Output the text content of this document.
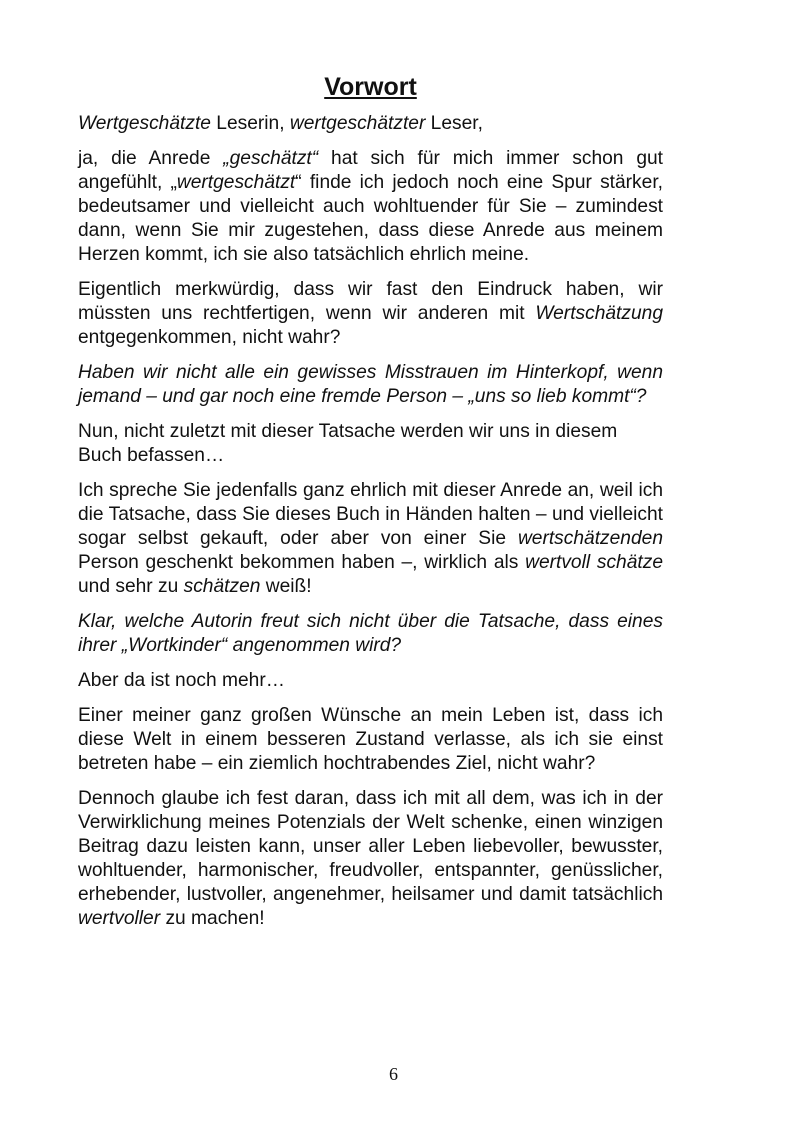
Vorwort

Wertgeschätzte Leserin, wertgeschätzter Leser,

ja, die Anrede „geschätzt“ hat sich für mich immer schon gut angefühlt, „wertgeschätzt“ finde ich jedoch noch eine Spur stärker, bedeutsamer und vielleicht auch wohltuender für Sie – zumindest dann, wenn Sie mir zugestehen, dass diese Anrede aus meinem Herzen kommt, ich sie also tatsächlich ehrlich meine.

Eigentlich merkwürdig, dass wir fast den Eindruck haben, wir müssten uns rechtfertigen, wenn wir anderen mit Wertschätzung entgegenkommen, nicht wahr?

Haben wir nicht alle ein gewisses Misstrauen im Hinterkopf, wenn jemand – und gar noch eine fremde Person – „uns so lieb kommt“?

Nun, nicht zuletzt mit dieser Tatsache werden wir uns in diesem Buch befassen…

Ich spreche Sie jedenfalls ganz ehrlich mit dieser Anrede an, weil ich die Tatsache, dass Sie dieses Buch in Händen halten – und vielleicht sogar selbst gekauft, oder aber von einer Sie wertschätzenden Person geschenkt bekommen haben –, wirklich als wertvoll schätze und sehr zu schätzen weiß!

Klar, welche Autorin freut sich nicht über die Tatsache, dass eines ihrer „Wortkinder“ angenommen wird?

Aber da ist noch mehr…

Einer meiner ganz großen Wünsche an mein Leben ist, dass ich diese Welt in einem besseren Zustand verlasse, als ich sie einst betreten habe – ein ziemlich hochtrabendes Ziel, nicht wahr?

Dennoch glaube ich fest daran, dass ich mit all dem, was ich in der Verwirklichung meines Potenzials der Welt schenke, einen winzigen Beitrag dazu leisten kann, unser aller Leben liebevoller, bewusster, wohltuender, harmonischer, freudvoller, entspannter, genüsslicher, erhebender, lustvoller, angenehmer, heilsamer und damit tatsächlich wertvoller zu machen!

6
